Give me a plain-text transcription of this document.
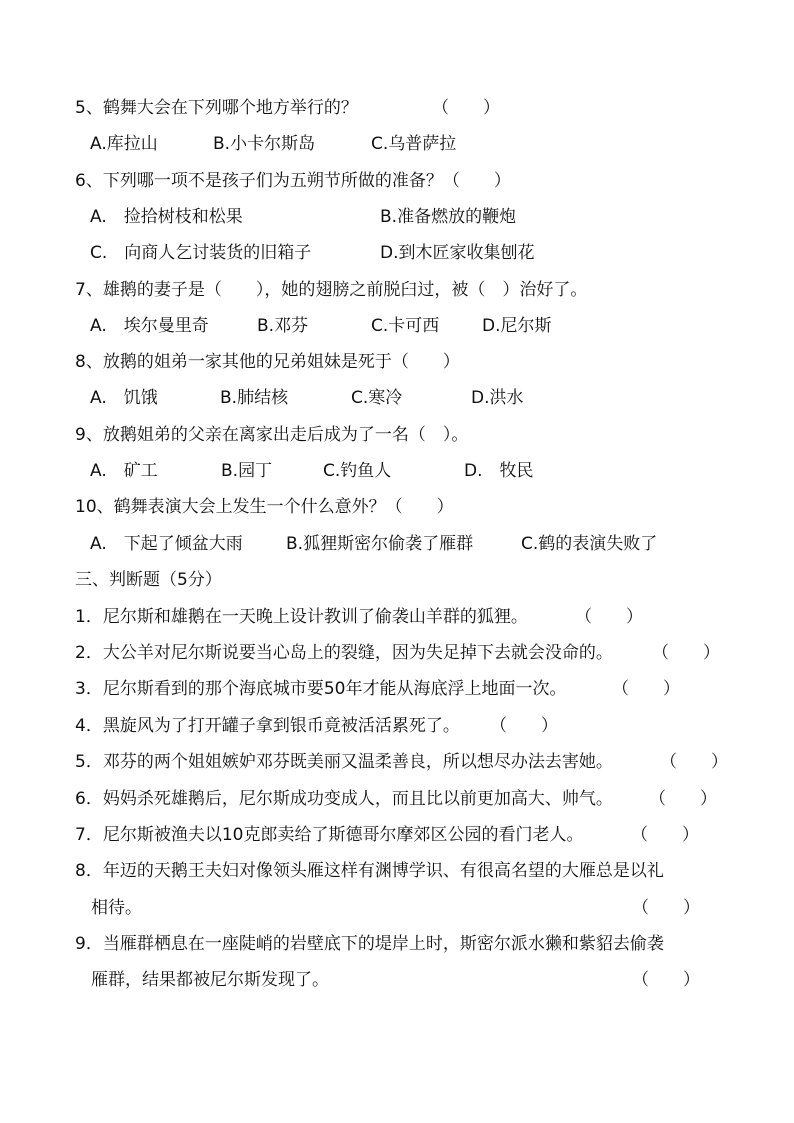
5、鹤舞大会在下列哪个地方举行的？	（　　）
A.库拉山	B.小卡尔斯岛	C.乌普萨拉
6、下列哪一项不是孩子们为五朔节所做的准备？（　　）
A.　捡拾树枝和松果	B.准备燃放的鞭炮
C.　向商人乞讨装货的旧箱子	D.到木匠家收集刨花
7、雄鹅的妻子是（　　），她的翅膀之前脱臼过，被（　）治好了。
A.　埃尔曼里奇	B.邓芬	C.卡可西	D.尼尔斯
8、放鹅的姐弟一家其他的兄弟姐妹是死于（　　）
A.　饥饿	B.肺结核	C.寒冷	D.洪水
9、放鹅姐弟的父亲在离家出走后成为了一名（　）。
A.　矿工	B.园丁	C.钓鱼人	D.　牧民
10、鹤舞表演大会上发生一个什么意外？（　　）
A.　下起了倾盆大雨	B.狐狸斯密尔偷袭了雁群	C.鹤的表演失败了
三、判断题（5分）
1．尼尔斯和雄鹅在一天晚上设计教训了偷袭山羊群的狐狸。	（　　）
2．大公羊对尼尔斯说要当心岛上的裂缝，因为失足掉下去就会没命的。 （　　）
3．尼尔斯看到的那个海底城市要50年才能从海底浮上地面一次。	（　　）
4．黑旋风为了打开罐子拿到银币竟被活活累死了。 （　　）
5．邓芬的两个姐姐嫉妒邓芬既美丽又温柔善良，所以想尽办法去害她。	（　　）
6．妈妈杀死雄鹅后，尼尔斯成功变成人，而且比以前更加高大、帅气。 （　　）
7．尼尔斯被渔夫以10克郎卖给了斯德哥尔摩郊区公园的看门老人。	（　　）
8．年迈的天鹅王夫妇对像领头雁这样有渊博学识、有很高名望的大雁总是以礼
相待。	（　　）
9．当雁群栖息在一座陡峭的岩壁底下的堤岸上时，斯密尔派水獭和紫貂去偷袭
雁群，结果都被尼尔斯发现了。	（　　）
